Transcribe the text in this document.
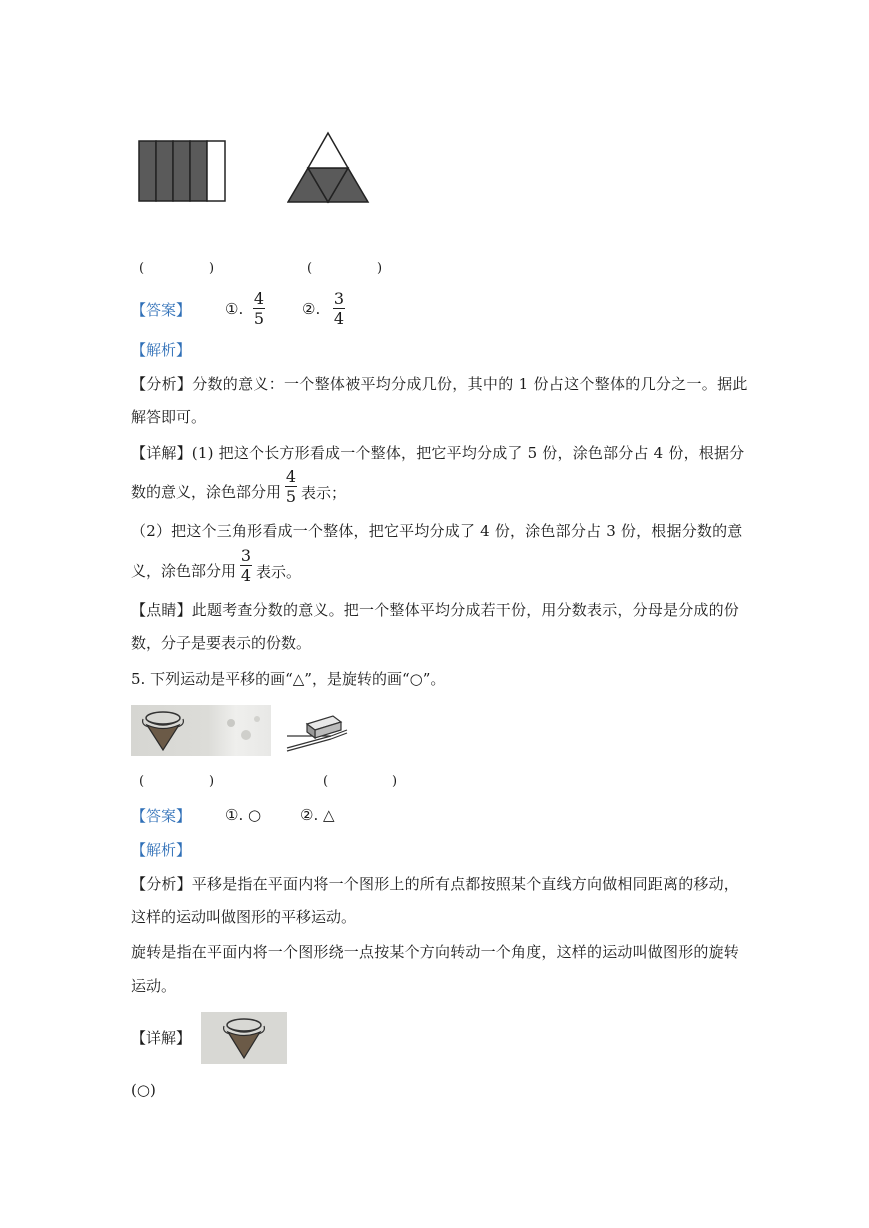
(	)	(	)
【答案】 ①.
4
5	②.
3
4
【解析】
【分析】分数的意义：一个整体被平均分成几份，其中的 1 份占这个整体的几分之一。据此
解答即可。
【详解】(1) 把这个长方形看成一个整体，把它平均分成了 5 份，涂色部分占 4 份，根据分
数的意义，涂色部分用
4
5 表示；
（2）把这个三角形看成一个整体，把它平均分成了 4 份，涂色部分占 3 份，根据分数的意
义，涂色部分用
3
4 表示。
【点睛】此题考查分数的意义。把一个整体平均分成若干份，用分数表示，分母是分成的份
数，分子是要表示的份数。
5. 下列运动是平移的画“△”，是旋转的画“○”。
(	)	(	)
【答案】 ①. ○	②. △
【解析】
【分析】平移是指在平面内将一个图形上的所有点都按照某个直线方向做相同距离的移动，
这样的运动叫做图形的平移运动。
旋转是指在平面内将一个图形绕一点按某个方向转动一个角度，这样的运动叫做图形的旋转
运动。
【详解】
(○)
